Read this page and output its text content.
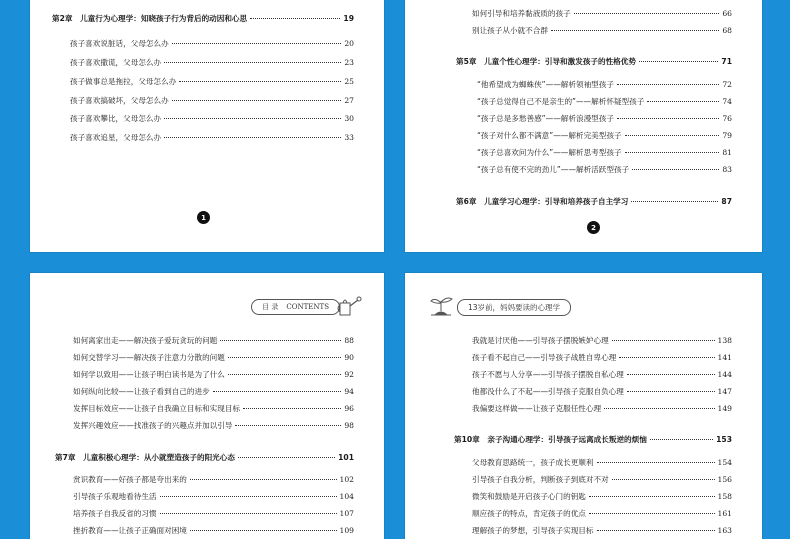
第2章　儿童行为心理学：知晓孩子行为背后的动因和心思	19
孩子喜欢说脏话，父母怎么办	20
孩子喜欢撒谎，父母怎么办	23
孩子做事总是拖拉，父母怎么办	25
孩子喜欢搞破坏，父母怎么办	27
孩子喜欢攀比，父母怎么办	30
孩子喜欢追星，父母怎么办	33
1
如何引导和培养黏液质的孩子	66
别让孩子从小就不合群	68
第5章　儿童个性心理学：引导和激发孩子的性格优势	71
“他希望成为蜘蛛侠”——解析领袖型孩子	72
“孩子总觉得自己不是亲生的”——解析怀疑型孩子	74
“孩子总是多愁善感”——解析浪漫型孩子	76
“孩子对什么都不满意”——解析完美型孩子	79
“孩子总喜欢问为什么”——解析思考型孩子	81
“孩子总有使不完的劲儿”——解析活跃型孩子	83
第6章　儿童学习心理学：引导和培养孩子自主学习	87
2
目 录 CONTENTS
如何离家出走——解决孩子爱玩贪玩的问题	88
如何交替学习——解决孩子注意力分散的问题	90
如何学以致用——让孩子明白读书是为了什么	92
如何纵向比较——让孩子看到自己的进步	94
发挥目标效应——让孩子自我确立目标和实现目标	96
发挥兴趣效应——找准孩子的兴趣点并加以引导	98
第7章　儿童积极心理学：从小就塑造孩子的阳光心态	101
赏识教育——好孩子都是夸出来的	102
引导孩子乐观地看待生活	104
培养孩子自我反省的习惯	107
挫折教育——让孩子正确面对困境	109
13岁前，妈妈要读的心理学
我就是讨厌他——引导孩子摆脱嫉妒心理	138
孩子看不起自己——引导孩子战胜自卑心理	141
孩子不愿与人分享——引导孩子摆脱自私心理	144
他都没什么了不起——引导孩子克服自负心理	147
我偏要这样做——让孩子克服任性心理	149
第10章　亲子沟通心理学：引导孩子远离成长叛逆的烦恼	153
父母教育思路统一，孩子成长更顺利	154
引导孩子自我分析，判断孩子到底对不对	156
微笑和鼓励是开启孩子心门的钥匙	158
顺应孩子的特点，肯定孩子的优点	161
理解孩子的梦想，引导孩子实现目标	163
